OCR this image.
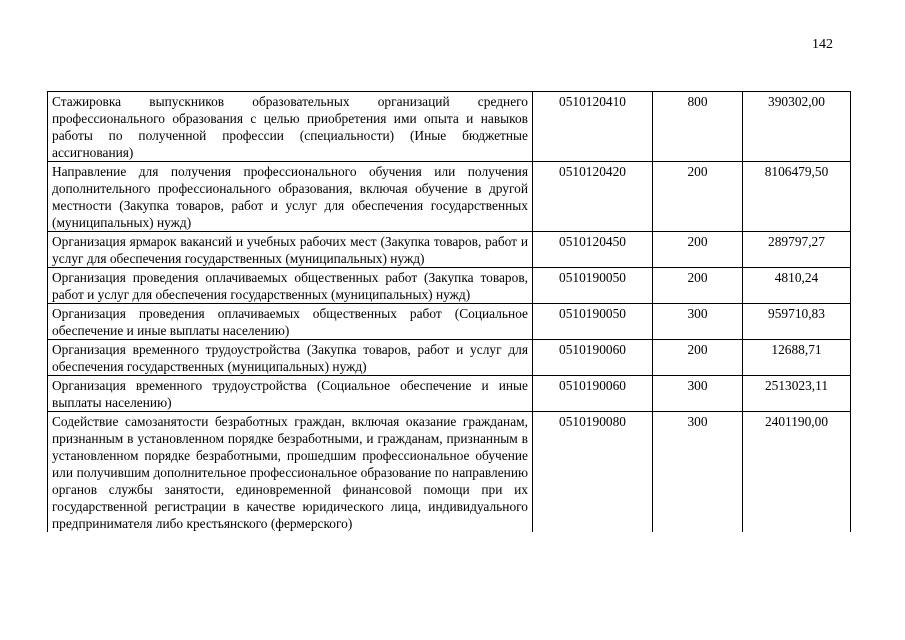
142
Стажировка выпускников образовательных организаций среднего профессионального образования с целью приобретения ими опыта и навыков работы по полученной профессии (специальности) (Иные бюджетные ассигнования)	0510120410	800	390302,00
Направление для получения профессионального обучения или получения дополнительного профессионального образования, включая обучение в другой местности (Закупка товаров, работ и услуг для обеспечения государственных (муниципальных) нужд)	0510120420	200	8106479,50
Организация ярмарок вакансий и учебных рабочих мест (Закупка товаров, работ и услуг для обеспечения государственных (муниципальных) нужд)	0510120450	200	289797,27
Организация проведения оплачиваемых общественных работ (Закупка товаров, работ и услуг для обеспечения государственных (муниципальных) нужд)	0510190050	200	4810,24
Организация проведения оплачиваемых общественных работ (Социальное обеспечение и иные выплаты населению)	0510190050	300	959710,83
Организация временного трудоустройства (Закупка товаров, работ и услуг для обеспечения государственных (муниципальных) нужд)	0510190060	200	12688,71
Организация временного трудоустройства (Социальное обеспечение и иные выплаты населению)	0510190060	300	2513023,11
Содействие самозанятости безработных граждан, включая оказание гражданам, признанным в установленном порядке безработными, и гражданам, признанным в установленном порядке безработными, прошедшим профессиональное обучение или получившим дополнительное профессиональное образование по направлению органов службы занятости, единовременной финансовой помощи при их государственной регистрации в качестве юридического лица, индивидуального предпринимателя либо крестьянского (фермерского)	0510190080	300	2401190,00
